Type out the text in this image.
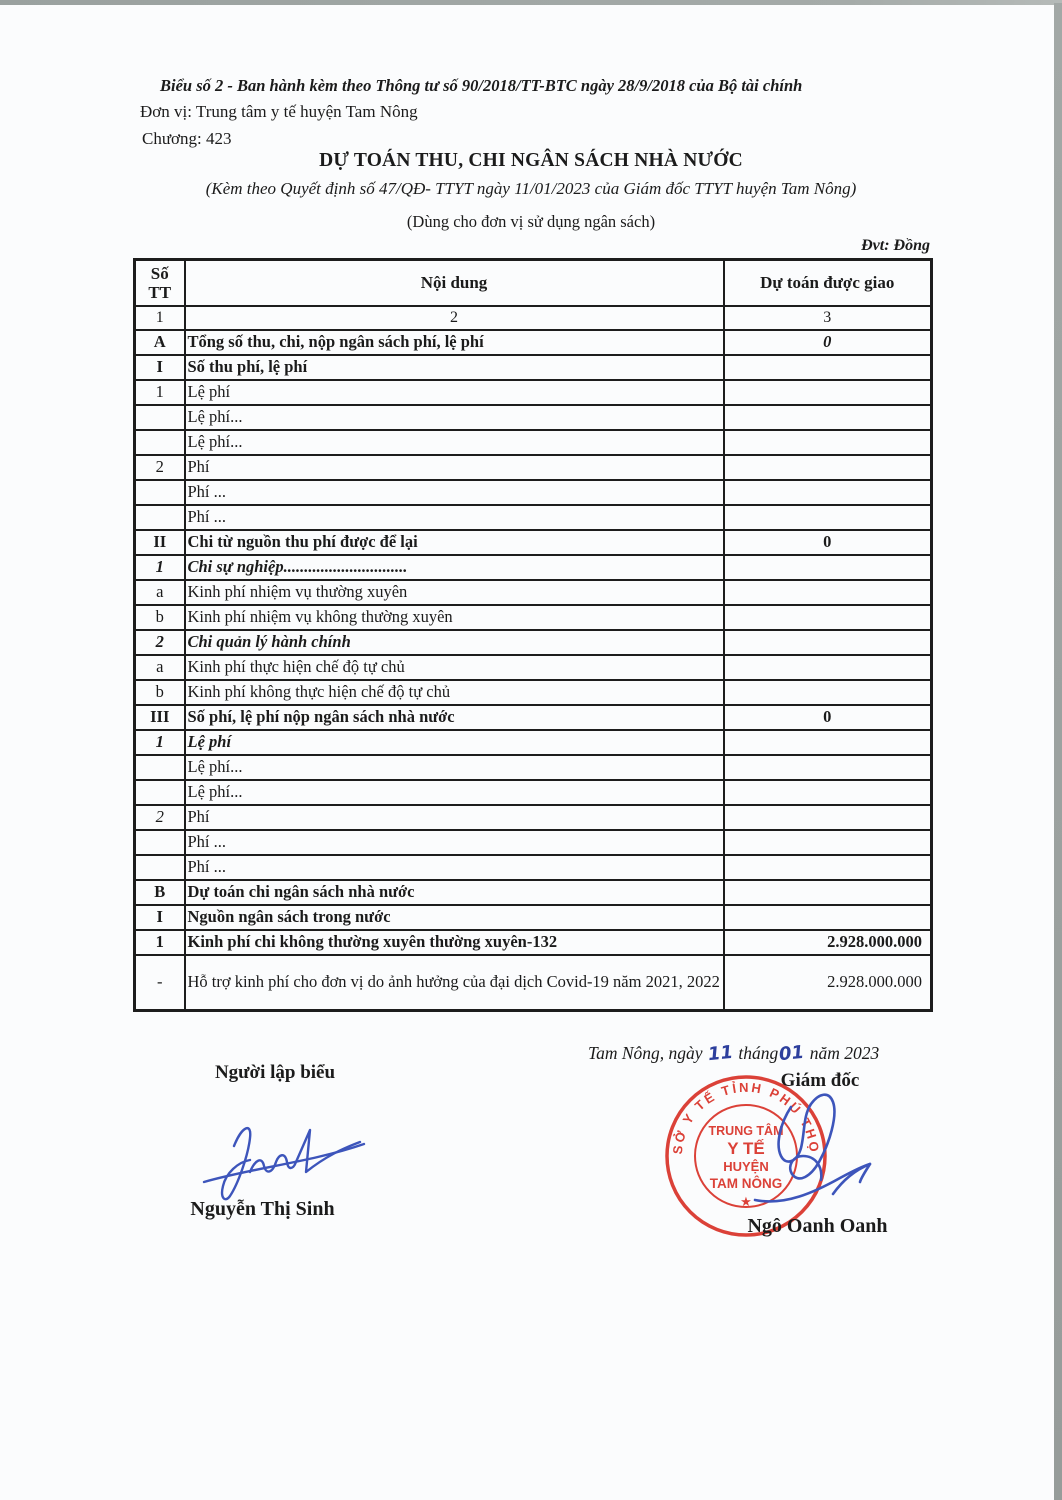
Biểu số 2 - Ban hành kèm theo Thông tư số 90/2018/TT-BTC ngày 28/9/2018 của Bộ tài chính
Đơn vị: Trung tâm y tế huyện Tam Nông
Chương: 423
DỰ TOÁN THU, CHI NGÂN SÁCH NHÀ NƯỚC
(Kèm theo Quyết định số 47/QĐ- TTYT ngày 11/01/2023 của Giám đốc TTYT huyện Tam Nông)
(Dùng cho đơn vị sử dụng ngân sách)
Đvt: Đồng
Số
TT	Nội dung	Dự toán được giao
1	2	3
A	Tổng số thu, chi, nộp ngân sách phí, lệ phí	0
I	Số thu phí, lệ phí	
1	Lệ phí	
	Lệ phí...	
	Lệ phí...	
2	Phí	
	Phí ...	
	Phí ...	
II	Chi từ nguồn thu phí được để lại	0
1	Chi sự nghiệp..............................	
a	Kinh phí nhiệm vụ thường xuyên	
b	Kinh phí nhiệm vụ không thường xuyên	
2	Chi quản lý hành chính	
a	Kinh phí thực hiện chế độ tự chủ	
b	Kinh phí không thực hiện chế độ tự chủ	
III	Số phí, lệ phí nộp ngân sách nhà nước	0
1	Lệ phí	
	Lệ phí...	
	Lệ phí...	
2	Phí	
	Phí ...	
	Phí ...	
B	Dự toán chi ngân sách nhà nước	
I	Nguồn ngân sách trong nước	
1	Kinh phí chi không thường xuyên thường xuyên-132	2.928.000.000
-	Hỗ trợ kinh phí cho đơn vị do ảnh hưởng của đại dịch Covid-19 năm 2021, 2022	2.928.000.000
Tam Nông, ngày 11 tháng01 năm 2023
Người lập biểu	Giám đốc
SỞ Y TẾ TỈNH PHÚ THỌ
TRUNG TÂM
Y TẾ
HUYỆN
TAM NÔNG
★
Nguyễn Thị Sinh
Ngô Oanh Oanh
